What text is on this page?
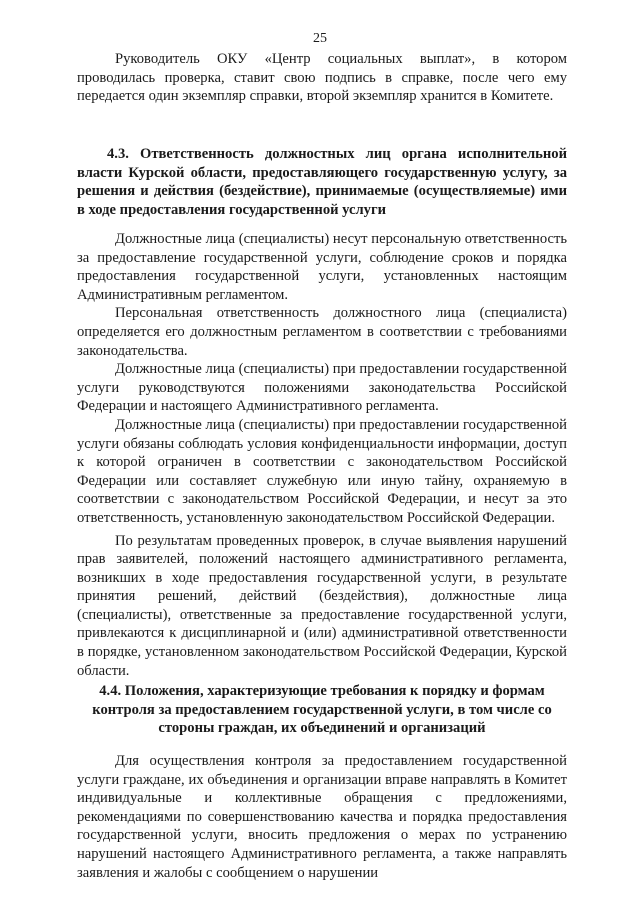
25

Руководитель ОКУ «Центр социальных выплат», в котором проводилась проверка, ставит свою подпись в справке, после чего ему передается один экземпляр справки, второй экземпляр хранится в Комитете.

4.3. Ответственность должностных лиц органа исполнительной власти Курской области, предоставляющего государственную услугу, за решения и действия (бездействие), принимаемые (осуществляемые) ими в ходе предоставления государственной услуги

Должностные лица (специалисты) несут персональную ответственность за предоставление государственной услуги, соблюдение сроков и порядка предоставления государственной услуги, установленных настоящим Административным регламентом.

Персональная ответственность должностного лица (специалиста) определяется его должностным регламентом в соответствии с требованиями законодательства.

Должностные лица (специалисты) при предоставлении государственной услуги руководствуются положениями законодательства Российской Федерации и настоящего Административного регламента.

Должностные лица (специалисты) при предоставлении государственной услуги обязаны соблюдать условия конфиденциальности информации, доступ к которой ограничен в соответствии с законодательством Российской Федерации или составляет служебную или иную тайну, охраняемую в соответствии с законодательством Российской Федерации, и несут за это ответственность, установленную законодательством Российской Федерации.

По результатам проведенных проверок, в случае выявления нарушений прав заявителей, положений настоящего административного регламента, возникших в ходе предоставления государственной услуги, в результате принятия решений, действий (бездействия), должностные лица (специалисты), ответственные за предоставление государственной услуги, привлекаются к дисциплинарной и (или) административной ответственности в порядке, установленном законодательством Российской Федерации, Курской области.

4.4. Положения, характеризующие требования к порядку и формам контроля за предоставлением государственной услуги, в том числе со стороны граждан, их объединений и организаций

Для осуществления контроля за предоставлением государственной услуги граждане, их объединения и организации вправе направлять в Комитет индивидуальные и коллективные обращения с предложениями, рекомендациями по совершенствованию качества и порядка предоставления государственной услуги, вносить предложения о мерах по устранению нарушений настоящего Административного регламента, а также направлять заявления и жалобы с сообщением о нарушении
